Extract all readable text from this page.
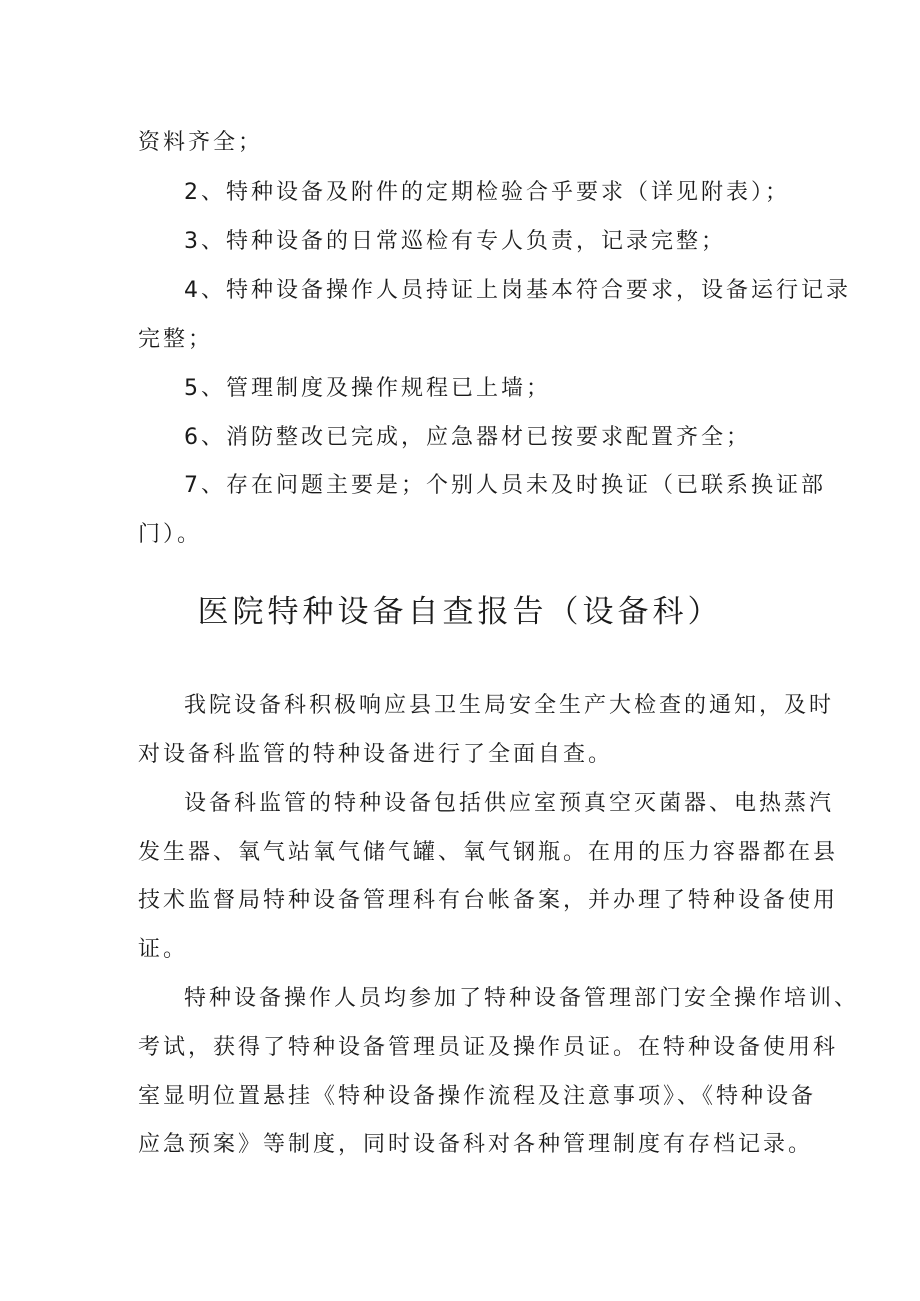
资料齐全；
2、特种设备及附件的定期检验合乎要求（详见附表）；
3、特种设备的日常巡检有专人负责，记录完整；
4、特种设备操作人员持证上岗基本符合要求，设备运行记录
完整；
5、管理制度及操作规程已上墙；
6、消防整改已完成，应急器材已按要求配置齐全；
7、存在问题主要是；个别人员未及时换证（已联系换证部
门）。
医院特种设备自查报告（设备科）
我院设备科积极响应县卫生局安全生产大检查的通知，及时
对设备科监管的特种设备进行了全面自查。
设备科监管的特种设备包括供应室预真空灭菌器、电热蒸汽
发生器、氧气站氧气储气罐、氧气钢瓶。在用的压力容器都在县
技术监督局特种设备管理科有台帐备案，并办理了特种设备使用
证。
特种设备操作人员均参加了特种设备管理部门安全操作培训、
考试，获得了特种设备管理员证及操作员证。在特种设备使用科
室显明位置悬挂《特种设备操作流程及注意事项》、《特种设备
应急预案》等制度，同时设备科对各种管理制度有存档记录。
